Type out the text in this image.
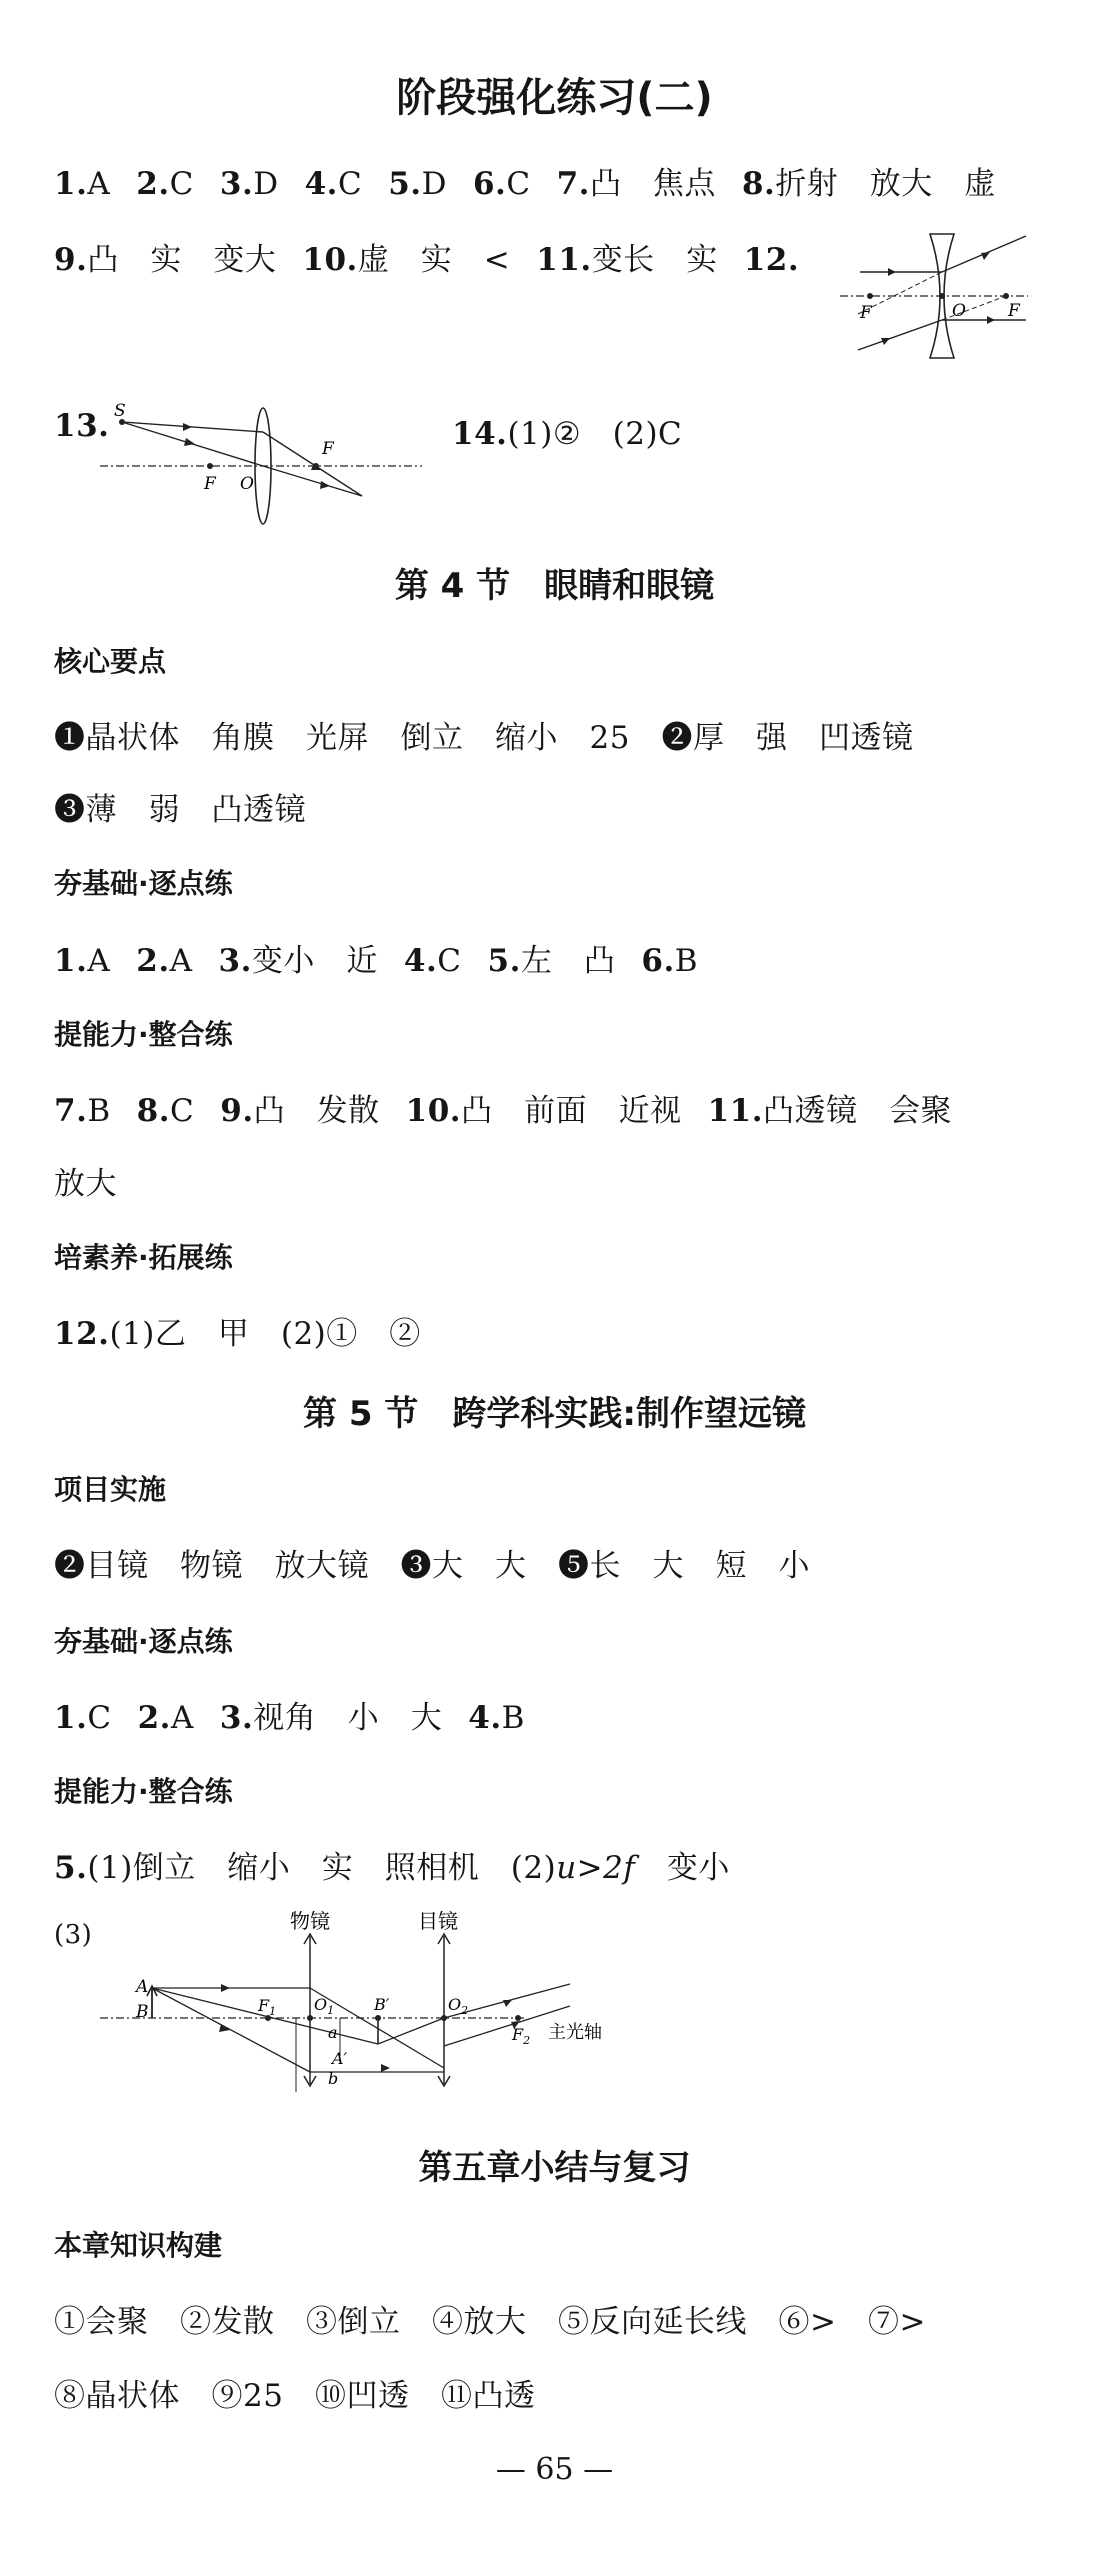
阶段强化练习(二)
1.A 2.C 3.D 4.C 5.D 6.C 7.凸　焦点 8.折射　放大　虚
9.凸　实　变大 10.虚　实　< 11.变长　实 12.
F	O F
13. S
F O
F	14.(1)②　(2)C
第 4 节　眼睛和眼镜
核心要点
❶晶状体　角膜　光屏　倒立　缩小　25　❷厚　强　凹透镜
❸薄　弱　凸透镜
夯基础·逐点练
1.A 2.A 3.变小　近 4.C 5.左　凸 6.B
提能力·整合练
7.B 8.C 9.凸　发散 10.凸　前面　近视 11.凸透镜　会聚
放大
培素养·拓展练
12.(1)乙　甲　(2)①　②
第 5 节　跨学科实践:制作望远镜
项目实施
❷目镜　物镜　放大镜　❸大　大　❺长　大　短　小
夯基础·逐点练
1.C 2.A 3.视角　小　大 4.B
提能力·整合练
5.(1)倒立　缩小　实　照相机　(2)u>2f　变小
(3)	物镜	目镜
A
B	$F_1$ $O_1$ B′	$O_2$
a
A′
b
$F_2$ 主光轴
第五章小结与复习
本章知识构建
①会聚　②发散　③倒立　④放大　⑤反向延长线　⑥>　⑦>
⑧晶状体　⑨25　⑩凹透　⑪凸透
— 65 —
